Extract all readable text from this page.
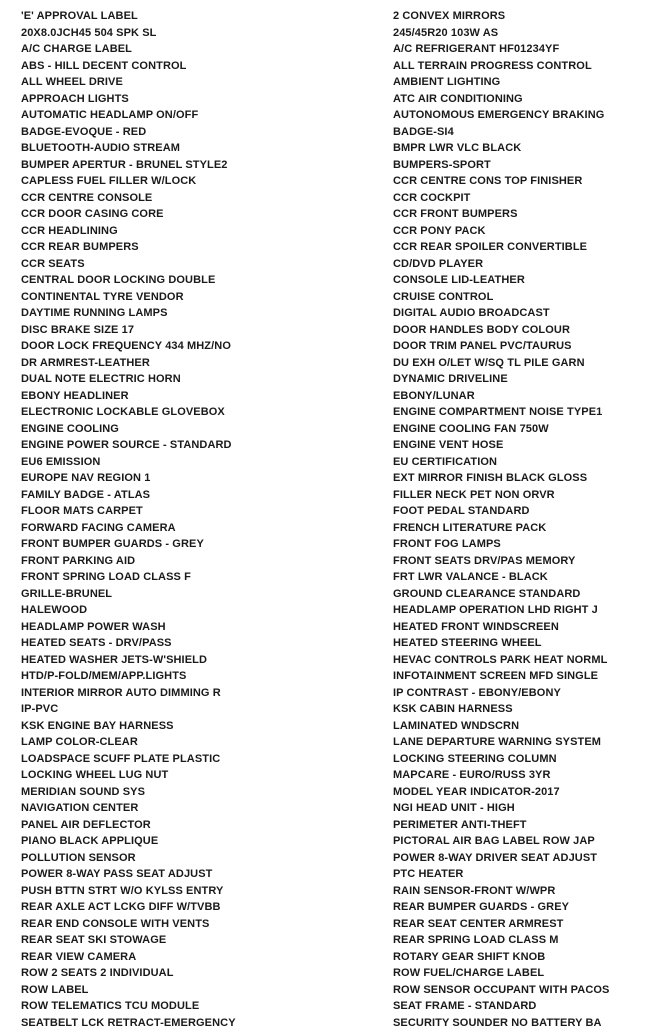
'E' APPROVAL LABEL
20X8.0JCH45 504 SPK SL
A/C CHARGE LABEL
ABS - HILL DECENT CONTROL
ALL WHEEL DRIVE
APPROACH LIGHTS
AUTOMATIC HEADLAMP ON/OFF
BADGE-EVOQUE - RED
BLUETOOTH-AUDIO STREAM
BUMPER APERTUR - BRUNEL STYLE2
CAPLESS FUEL FILLER W/LOCK
CCR CENTRE CONSOLE
CCR DOOR CASING CORE
CCR HEADLINING
CCR REAR BUMPERS
CCR SEATS
CENTRAL DOOR LOCKING DOUBLE
CONTINENTAL TYRE VENDOR
DAYTIME RUNNING LAMPS
DISC BRAKE SIZE 17
DOOR LOCK FREQUENCY 434 MHZ/NO
DR ARMREST-LEATHER
DUAL NOTE ELECTRIC HORN
EBONY HEADLINER
ELECTRONIC LOCKABLE GLOVEBOX
ENGINE COOLING
ENGINE POWER SOURCE - STANDARD
EU6 EMISSION
EUROPE NAV REGION 1
FAMILY BADGE - ATLAS
FLOOR MATS CARPET
FORWARD FACING CAMERA
FRONT BUMPER GUARDS - GREY
FRONT PARKING AID
FRONT SPRING LOAD CLASS F
GRILLE-BRUNEL
HALEWOOD
HEADLAMP POWER WASH
HEATED SEATS - DRV/PASS
HEATED WASHER JETS-W'SHIELD
HTD/P-FOLD/MEM/APP.LIGHTS
INTERIOR MIRROR AUTO DIMMING R
IP-PVC
KSK ENGINE BAY HARNESS
LAMP COLOR-CLEAR
LOADSPACE SCUFF PLATE PLASTIC
LOCKING WHEEL LUG NUT
MERIDIAN SOUND SYS
NAVIGATION CENTER
PANEL AIR DEFLECTOR
PIANO BLACK APPLIQUE
POLLUTION SENSOR
POWER 8-WAY PASS SEAT ADJUST
PUSH BTTN STRT W/O KYLSS ENTRY
REAR AXLE ACT LCKG DIFF W/TVBB
REAR END CONSOLE WITH VENTS
REAR SEAT SKI STOWAGE
REAR VIEW CAMERA
ROW 2 SEATS 2 INDIVIDUAL
ROW LABEL
ROW TELEMATICS TCU MODULE
SEATBELT LCK RETRACT-EMERGENCY
2 CONVEX MIRRORS
245/45R20 103W AS
A/C REFRIGERANT HF01234YF
ALL TERRAIN PROGRESS CONTROL
AMBIENT LIGHTING
ATC AIR CONDITIONING
AUTONOMOUS EMERGENCY BRAKING
BADGE-SI4
BMPR LWR VLC BLACK
BUMPERS-SPORT
CCR CENTRE CONS TOP FINISHER
CCR COCKPIT
CCR FRONT BUMPERS
CCR PONY PACK
CCR REAR SPOILER CONVERTIBLE
CD/DVD PLAYER
CONSOLE LID-LEATHER
CRUISE CONTROL
DIGITAL AUDIO BROADCAST
DOOR HANDLES BODY COLOUR
DOOR TRIM PANEL PVC/TAURUS
DU EXH O/LET W/SQ TL PILE GARN
DYNAMIC DRIVELINE
EBONY/LUNAR
ENGINE COMPARTMENT NOISE TYPE1
ENGINE COOLING FAN 750W
ENGINE VENT HOSE
EU CERTIFICATION
EXT MIRROR FINISH BLACK GLOSS
FILLER NECK PET NON ORVR
FOOT PEDAL STANDARD
FRENCH LITERATURE PACK
FRONT FOG LAMPS
FRONT SEATS DRV/PAS MEMORY
FRT LWR VALANCE - BLACK
GROUND CLEARANCE STANDARD
HEADLAMP OPERATION LHD RIGHT J
HEATED FRONT WINDSCREEN
HEATED STEERING WHEEL
HEVAC CONTROLS PARK HEAT NORML
INFOTAINMENT SCREEN MFD SINGLE
IP CONTRAST - EBONY/EBONY
KSK CABIN HARNESS
LAMINATED WNDSCRN
LANE DEPARTURE WARNING SYSTEM
LOCKING STEERING COLUMN
MAPCARE - EURO/RUSS 3YR
MODEL YEAR INDICATOR-2017
NGI HEAD UNIT - HIGH
PERIMETER ANTI-THEFT
PICTORAL AIR BAG LABEL ROW JAP
POWER 8-WAY DRIVER SEAT ADJUST
PTC HEATER
RAIN SENSOR-FRONT W/WPR
REAR BUMPER GUARDS - GREY
REAR SEAT CENTER ARMREST
REAR SPRING LOAD CLASS M
ROTARY GEAR SHIFT KNOB
ROW FUEL/CHARGE LABEL
ROW SENSOR OCCUPANT WITH PACOS
SEAT FRAME - STANDARD
SECURITY SOUNDER NO BATTERY BA
